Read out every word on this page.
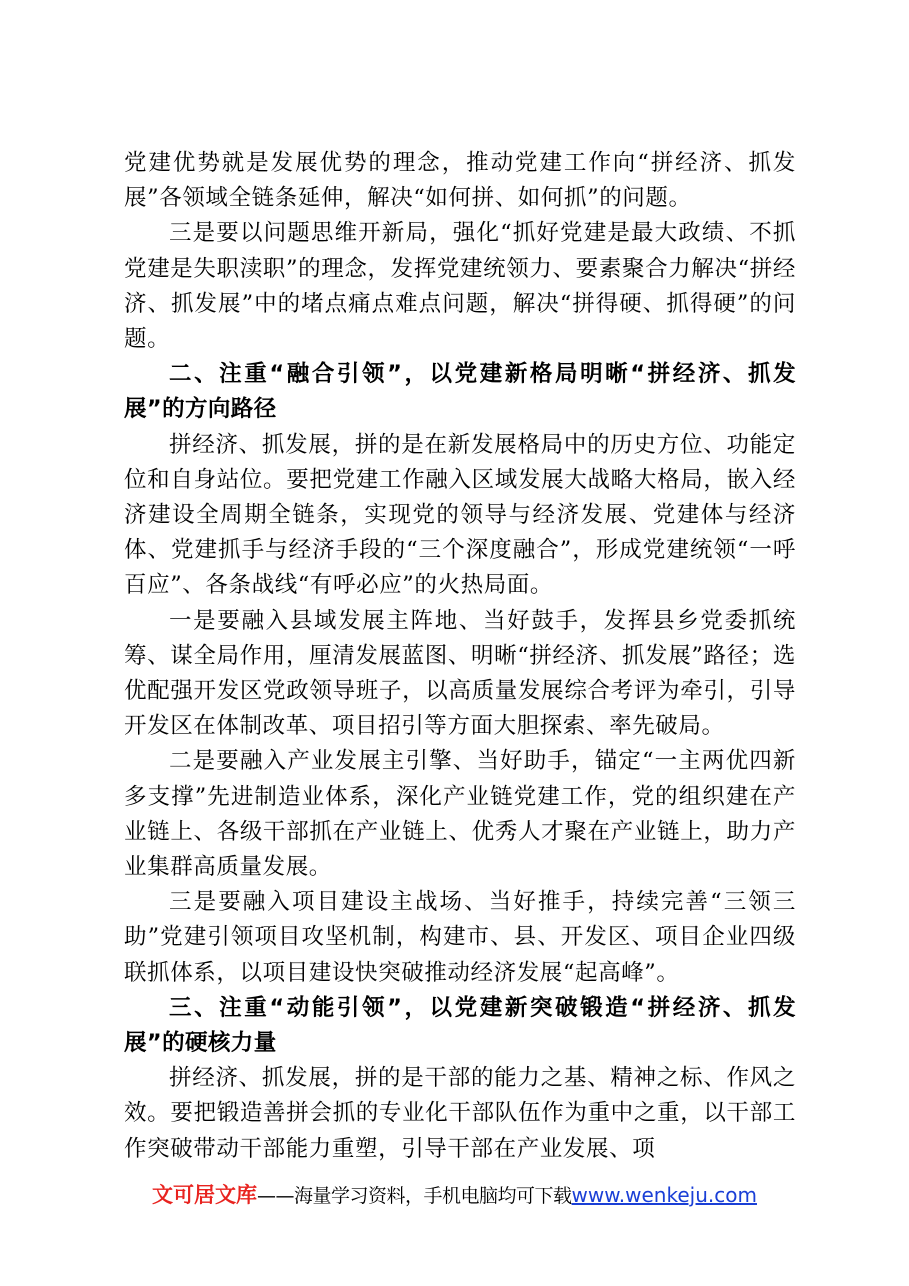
党建优势就是发展优势的理念，推动党建工作向“拼经济、抓发展”各领域全链条延伸，解决“如何拼、如何抓”的问题。

三是要以问题思维开新局，强化“抓好党建是最大政绩、不抓党建是失职渎职”的理念，发挥党建统领力、要素聚合力解决“拼经济、抓发展”中的堵点痛点难点问题，解决“拼得硬、抓得硬”的问题。

二、注重“融合引领”，以党建新格局明晰“拼经济、抓发展”的方向路径

拼经济、抓发展，拼的是在新发展格局中的历史方位、功能定位和自身站位。要把党建工作融入区域发展大战略大格局，嵌入经济建设全周期全链条，实现党的领导与经济发展、党建体与经济体、党建抓手与经济手段的“三个深度融合”，形成党建统领“一呼百应”、各条战线“有呼必应”的火热局面。

一是要融入县域发展主阵地、当好鼓手，发挥县乡党委抓统筹、谋全局作用，厘清发展蓝图、明晰“拼经济、抓发展”路径；选优配强开发区党政领导班子，以高质量发展综合考评为牵引，引导开发区在体制改革、项目招引等方面大胆探索、率先破局。

二是要融入产业发展主引擎、当好助手，锚定“一主两优四新多支撑”先进制造业体系，深化产业链党建工作，党的组织建在产业链上、各级干部抓在产业链上、优秀人才聚在产业链上，助力产业集群高质量发展。

三是要融入项目建设主战场、当好推手，持续完善“三领三助”党建引领项目攻坚机制，构建市、县、开发区、项目企业四级联抓体系，以项目建设快突破推动经济发展“起高峰”。

三、注重“动能引领”，以党建新突破锻造“拼经济、抓发展”的硬核力量

拼经济、抓发展，拼的是干部的能力之基、精神之标、作风之效。要把锻造善拼会抓的专业化干部队伍作为重中之重，以干部工作突破带动干部能力重塑，引导干部在产业发展、项

文可居文库——海量学习资料，手机电脑均可下载www.wenkeju.com
